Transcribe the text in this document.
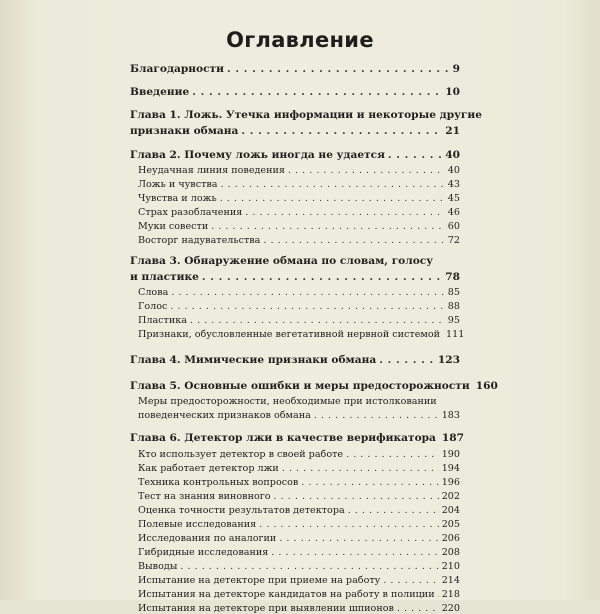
Оглавление
Благодарности . . .	9
Введение . . .	10
Глава 1. Ложь. Утечка информации и некоторые другие
признаки обмана . . .	21
Глава 2. Почему ложь иногда не удается . . .	40
Неудачная линия поведения . . .	40
Ложь и чувства . . .	43
Чувства и ложь . . .	45
Страх разоблачения . . .	46
Муки совести . . .	60
Восторг надувательства . . .	72
Глава 3. Обнаружение обмана по словам, голосу
и пластике . . .	78
Слова . . .	85
Голос . . .	88
Пластика . . .	95
Признаки, обусловленные вегетативной нервной системой 111
Глава 4. Мимические признаки обмана . . .	123
Глава 5. Основные ошибки и меры предосторожности 160
Меры предосторожности, необходимые при истолковании
поведенческих признаков обмана . . .	183
Глава 6. Детектор лжи в качестве верификатора 187
Кто использует детектор в своей работе . . .	190
Как работает детектор лжи . . .	194
Техника контрольных вопросов . . .	196
Тест на знания виновного . . .	202
Оценка точности результатов детектора . . .	204
Полевые исследования . . .	205
Исследования по аналогии . . .	206
Гибридные исследования . . .	208
Выводы . . .	210
Испытание на детекторе при приеме на работу . . .	214
Испытания на детекторе кандидатов на работу в полиции . . . 218
Испытания на детекторе при выявлении шпионов . . .	220
